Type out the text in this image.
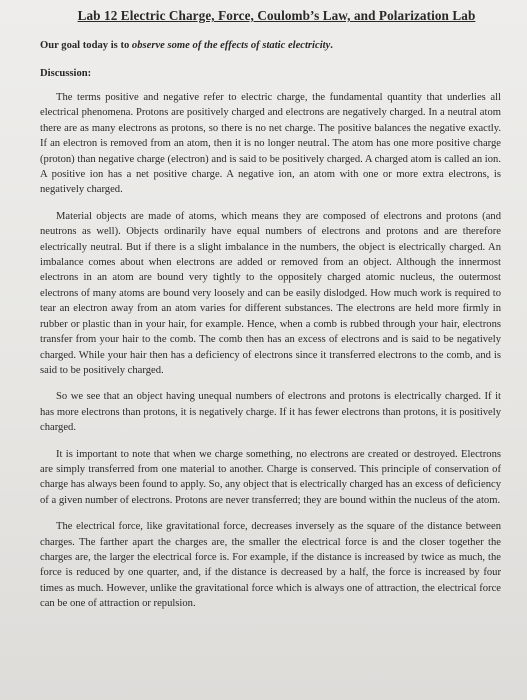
Lab 12 Electric Charge, Force, Coulomb’s Law, and Polarization Lab
Our goal today is to observe some of the effects of static electricity.
Discussion:

The terms positive and negative refer to electric charge, the fundamental quantity that underlies all electrical phenomena. Protons are positively charged and electrons are negatively charged. In a neutral atom there are as many electrons as protons, so there is no net charge. The positive balances the negative exactly. If an electron is removed from an atom, then it is no longer neutral. The atom has one more positive charge (proton) than negative charge (electron) and is said to be positively charged. A charged atom is called an ion. A positive ion has a net positive charge. A negative ion, an atom with one or more extra electrons, is negatively charged.

Material objects are made of atoms, which means they are composed of electrons and protons (and neutrons as well). Objects ordinarily have equal numbers of electrons and protons and are therefore electrically neutral. But if there is a slight imbalance in the numbers, the object is electrically charged. An imbalance comes about when electrons are added or removed from an object. Although the innermost electrons in an atom are bound very tightly to the oppositely charged atomic nucleus, the outermost electrons of many atoms are bound very loosely and can be easily dislodged. How much work is required to tear an electron away from an atom varies for different substances. The electrons are held more firmly in rubber or plastic than in your hair, for example. Hence, when a comb is rubbed through your hair, electrons transfer from your hair to the comb. The comb then has an excess of electrons and is said to be negatively charged. While your hair then has a deficiency of electrons since it transferred electrons to the comb, and is said to be positively charged.

So we see that an object having unequal numbers of electrons and protons is electrically charged. If it has more electrons than protons, it is negatively charge. If it has fewer electrons than protons, it is positively charged.

It is important to note that when we charge something, no electrons are created or destroyed. Electrons are simply transferred from one material to another. Charge is conserved. This principle of conservation of charge has always been found to apply. So, any object that is electrically charged has an excess of deficiency of a given number of electrons. Protons are never transferred; they are bound within the nucleus of the atom.

The electrical force, like gravitational force, decreases inversely as the square of the distance between charges. The farther apart the charges are, the smaller the electrical force is and the closer together the charges are, the larger the electrical force is. For example, if the distance is increased by twice as much, the force is reduced by one quarter, and, if the distance is decreased by a half, the force is increased by four times as much. However, unlike the gravitational force which is always one of attraction, the electrical force can be one of attraction or repulsion.
